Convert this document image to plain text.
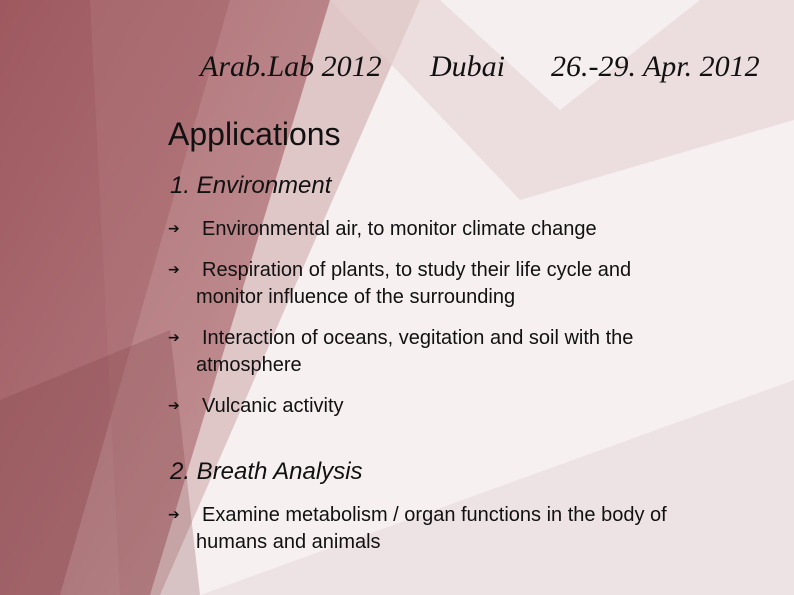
Arab.Lab 2012 Dubai 26.-29. Apr. 2012
Applications
1. Environment
➔	Environmental air, to monitor climate change
➔	Respiration of plants, to study their life cycle and
monitor influence of the surrounding
➔	Interaction of oceans, vegitation and soil with the
atmosphere
➔	Vulcanic activity
2. Breath Analysis
➔	Examine metabolism / organ functions in the body of
humans and animals
